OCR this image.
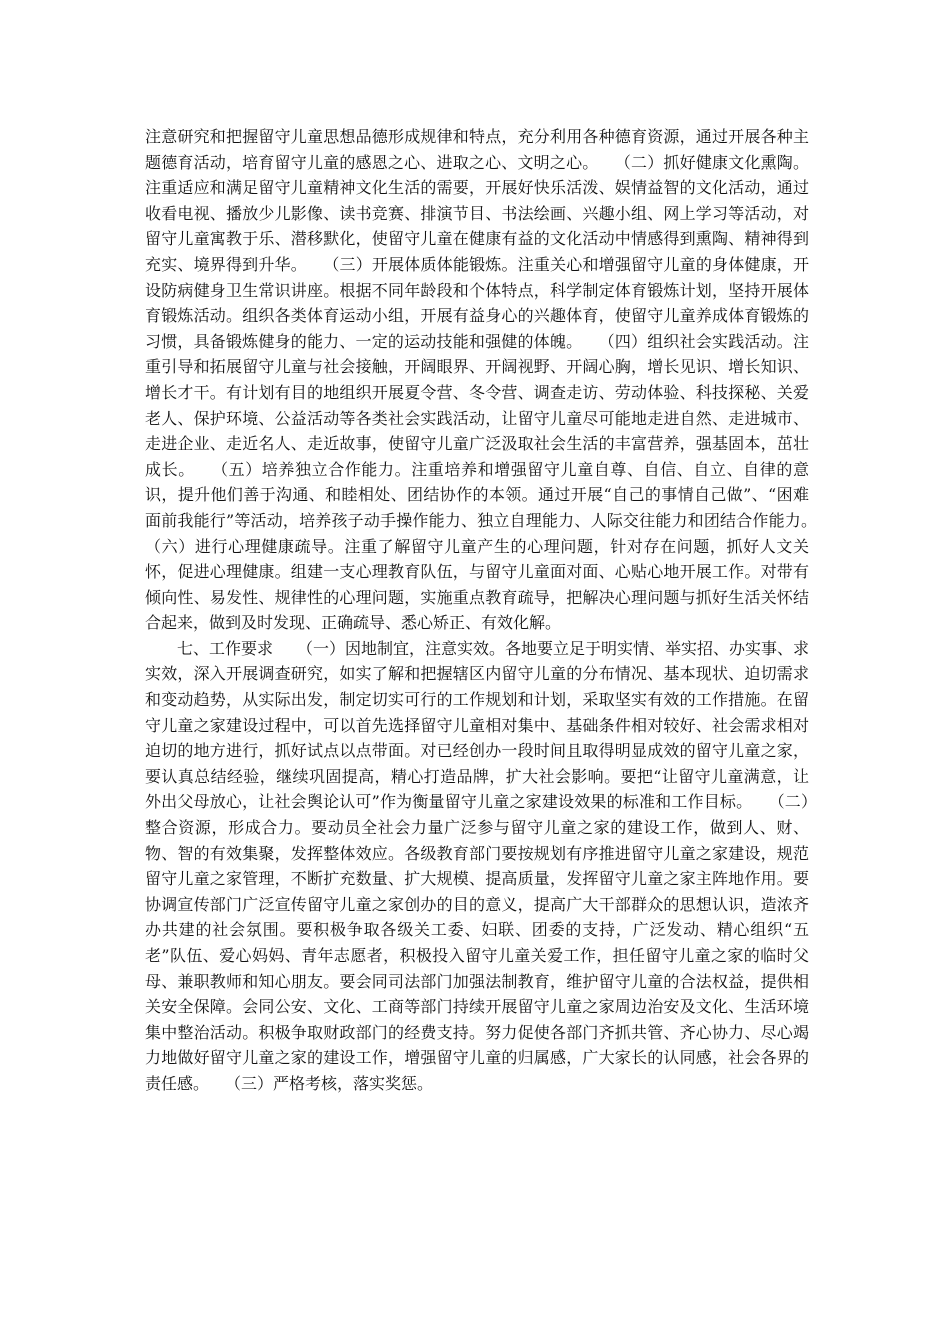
注意研究和把握留守儿童思想品德形成规律和特点，充分利用各种德育资源，通过开展各种主题德育活动，培育留守儿童的感恩之心、进取之心、文明之心。　　（二）抓好健康文化熏陶。注重适应和满足留守儿童精神文化生活的需要，开展好快乐活泼、娱情益智的文化活动，通过收看电视、播放少儿影像、读书竞赛、排演节目、书法绘画、兴趣小组、网上学习等活动，对留守儿童寓教于乐、潜移默化，使留守儿童在健康有益的文化活动中情感得到熏陶、精神得到充实、境界得到升华。　　（三）开展体质体能锻炼。注重关心和增强留守儿童的身体健康，开设防病健身卫生常识讲座。根据不同年龄段和个体特点，科学制定体育锻炼计划，坚持开展体育锻炼活动。组织各类体育运动小组，开展有益身心的兴趣体育，使留守儿童养成体育锻炼的习惯，具备锻炼健身的能力、一定的运动技能和强健的体魄。　　（四）组织社会实践活动。注重引导和拓展留守儿童与社会接触，开阔眼界、开阔视野、开阔心胸，增长见识、增长知识、增长才干。有计划有目的地组织开展夏令营、冬令营、调查走访、劳动体验、科技探秘、关爱老人、保护环境、公益活动等各类社会实践活动，让留守儿童尽可能地走进自然、走进城市、走进企业、走近名人、走近故事，使留守儿童广泛汲取社会生活的丰富营养，强基固本，茁壮成长。　　（五）培养独立合作能力。注重培养和增强留守儿童自尊、自信、自立、自律的意识，提升他们善于沟通、和睦相处、团结协作的本领。通过开展“自己的事情自己做”、“困难面前我能行”等活动，培养孩子动手操作能力、独立自理能力、人际交往能力和团结合作能力。　　（六）进行心理健康疏导。注重了解留守儿童产生的心理问题，针对存在问题，抓好人文关怀，促进心理健康。组建一支心理教育队伍，与留守儿童面对面、心贴心地开展工作。对带有倾向性、易发性、规律性的心理问题，实施重点教育疏导，把解决心理问题与抓好生活关怀结合起来，做到及时发现、正确疏导、悉心矫正、有效化解。

　　七、工作要求　　（一）因地制宜，注意实效。各地要立足于明实情、举实招、办实事、求实效，深入开展调查研究，如实了解和把握辖区内留守儿童的分布情况、基本现状、迫切需求和变动趋势，从实际出发，制定切实可行的工作规划和计划，采取坚实有效的工作措施。在留守儿童之家建设过程中，可以首先选择留守儿童相对集中、基础条件相对较好、社会需求相对迫切的地方进行，抓好试点以点带面。对已经创办一段时间且取得明显成效的留守儿童之家，要认真总结经验，继续巩固提高，精心打造品牌，扩大社会影响。要把“让留守儿童满意，让外出父母放心，让社会舆论认可”作为衡量留守儿童之家建设效果的标准和工作目标。　　（二）整合资源，形成合力。要动员全社会力量广泛参与留守儿童之家的建设工作，做到人、财、物、智的有效集聚，发挥整体效应。各级教育部门要按规划有序推进留守儿童之家建设，规范留守儿童之家管理，不断扩充数量、扩大规模、提高质量，发挥留守儿童之家主阵地作用。要协调宣传部门广泛宣传留守儿童之家创办的目的意义，提高广大干部群众的思想认识，造浓齐办共建的社会氛围。要积极争取各级关工委、妇联、团委的支持，广泛发动、精心组织“五老”队伍、爱心妈妈、青年志愿者，积极投入留守儿童关爱工作，担任留守儿童之家的临时父母、兼职教师和知心朋友。要会同司法部门加强法制教育，维护留守儿童的合法权益，提供相关安全保障。会同公安、文化、工商等部门持续开展留守儿童之家周边治安及文化、生活环境集中整治活动。积极争取财政部门的经费支持。努力促使各部门齐抓共管、齐心协力、尽心竭力地做好留守儿童之家的建设工作，增强留守儿童的归属感，广大家长的认同感，社会各界的责任感。　　（三）严格考核，落实奖惩。
